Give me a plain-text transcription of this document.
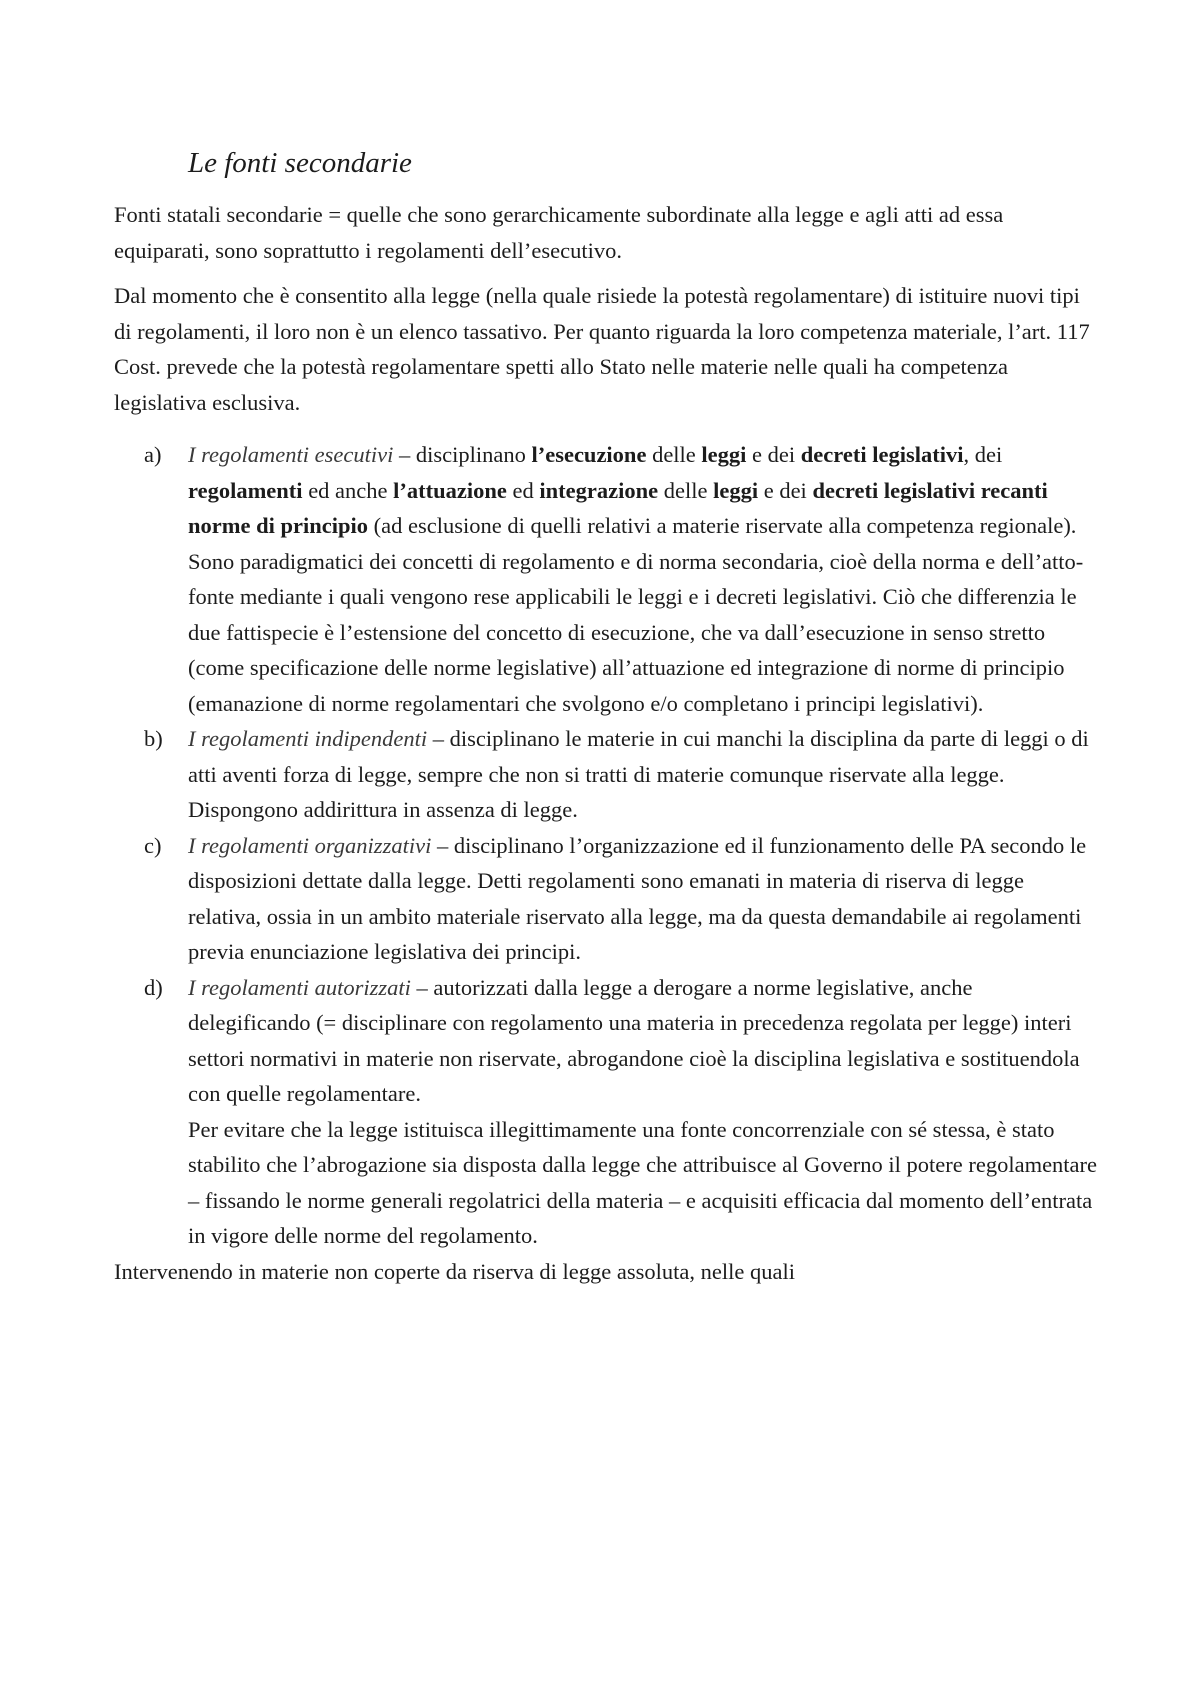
Le fonti secondarie

Fonti statali secondarie = quelle che sono gerarchicamente subordinate alla legge e agli atti ad essa equiparati, sono soprattutto i regolamenti dell’esecutivo.

Dal momento che è consentito alla legge (nella quale risiede la potestà regolamentare) di istituire nuovi tipi di regolamenti, il loro non è un elenco tassativo. Per quanto riguarda la loro competenza materiale, l’art. 117 Cost. prevede che la potestà regolamentare spetti allo Stato nelle materie nelle quali ha competenza legislativa esclusiva.

a) I regolamenti esecutivi – disciplinano l’esecuzione delle leggi e dei decreti legislativi, dei regolamenti ed anche l’attuazione ed integrazione delle leggi e dei decreti legislativi recanti norme di principio (ad esclusione di quelli relativi a materie riservate alla competenza regionale). Sono paradigmatici dei concetti di regolamento e di norma secondaria, cioè della norma e dell’atto-fonte mediante i quali vengono rese applicabili le leggi e i decreti legislativi. Ciò che differenzia le due fattispecie è l’estensione del concetto di esecuzione, che va dall’esecuzione in senso stretto (come specificazione delle norme legislative) all’attuazione ed integrazione di norme di principio (emanazione di norme regolamentari che svolgono e/o completano i principi legislativi).
b) I regolamenti indipendenti – disciplinano le materie in cui manchi la disciplina da parte di leggi o di atti aventi forza di legge, sempre che non si tratti di materie comunque riservate alla legge. Dispongono addirittura in assenza di legge.
c) I regolamenti organizzativi – disciplinano l’organizzazione ed il funzionamento delle PA secondo le disposizioni dettate dalla legge. Detti regolamenti sono emanati in materia di riserva di legge relativa, ossia in un ambito materiale riservato alla legge, ma da questa demandabile ai regolamenti previa enunciazione legislativa dei principi.
d) I regolamenti autorizzati – autorizzati dalla legge a derogare a norme legislative, anche delegificando (= disciplinare con regolamento una materia in precedenza regolata per legge) interi settori normativi in materie non riservate, abrogandone cioè la disciplina legislativa e sostituendola con quelle regolamentare.
Per evitare che la legge istituisca illegittimamente una fonte concorrenziale con sé stessa, è stato stabilito che l’abrogazione sia disposta dalla legge che attribuisce al Governo il potere regolamentare – fissando le norme generali regolatrici della materia – e acquisiti efficacia dal momento dell’entrata in vigore delle norme del regolamento.

Intervenendo in materie non coperte da riserva di legge assoluta, nelle quali
